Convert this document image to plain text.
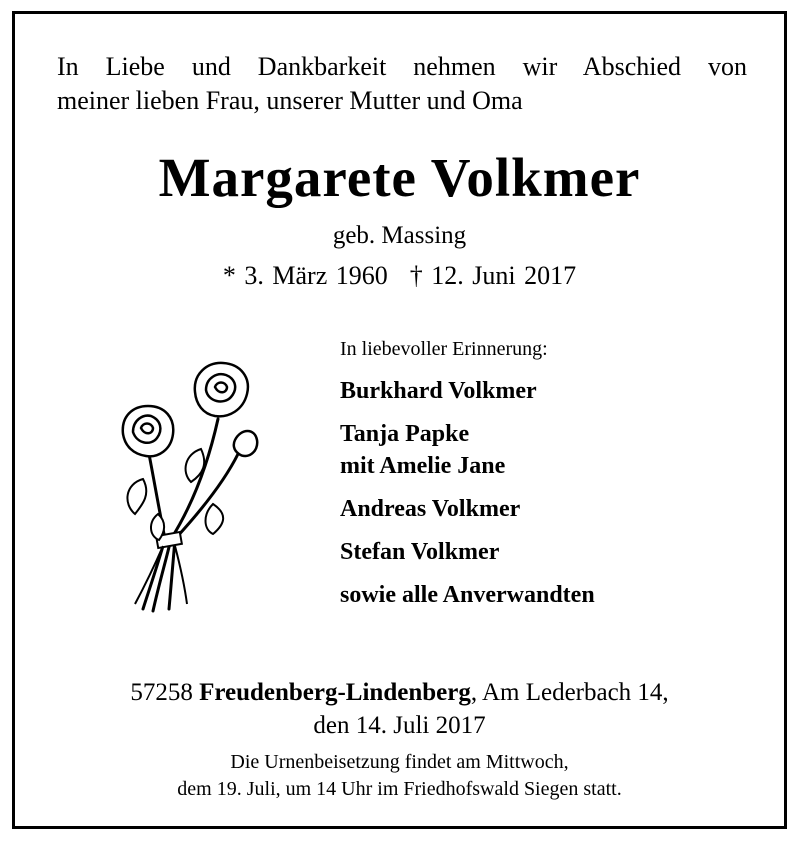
In Liebe und Dankbarkeit nehmen wir Abschied von
meiner lieben Frau, unserer Mutter und Oma
Margarete Volkmer
geb. Massing
* 3. März 1960 † 12. Juni 2017
In liebevoller Erinnerung:
Burkhard Volkmer
Tanja Papke
mit Amelie Jane
Andreas Volkmer
Stefan Volkmer
sowie alle Anverwandten
57258 Freudenberg-Lindenberg, Am Lederbach 14,
den 14. Juli 2017
Die Urnenbeisetzung findet am Mittwoch,
dem 19. Juli, um 14 Uhr im Friedhofswald Siegen statt.
